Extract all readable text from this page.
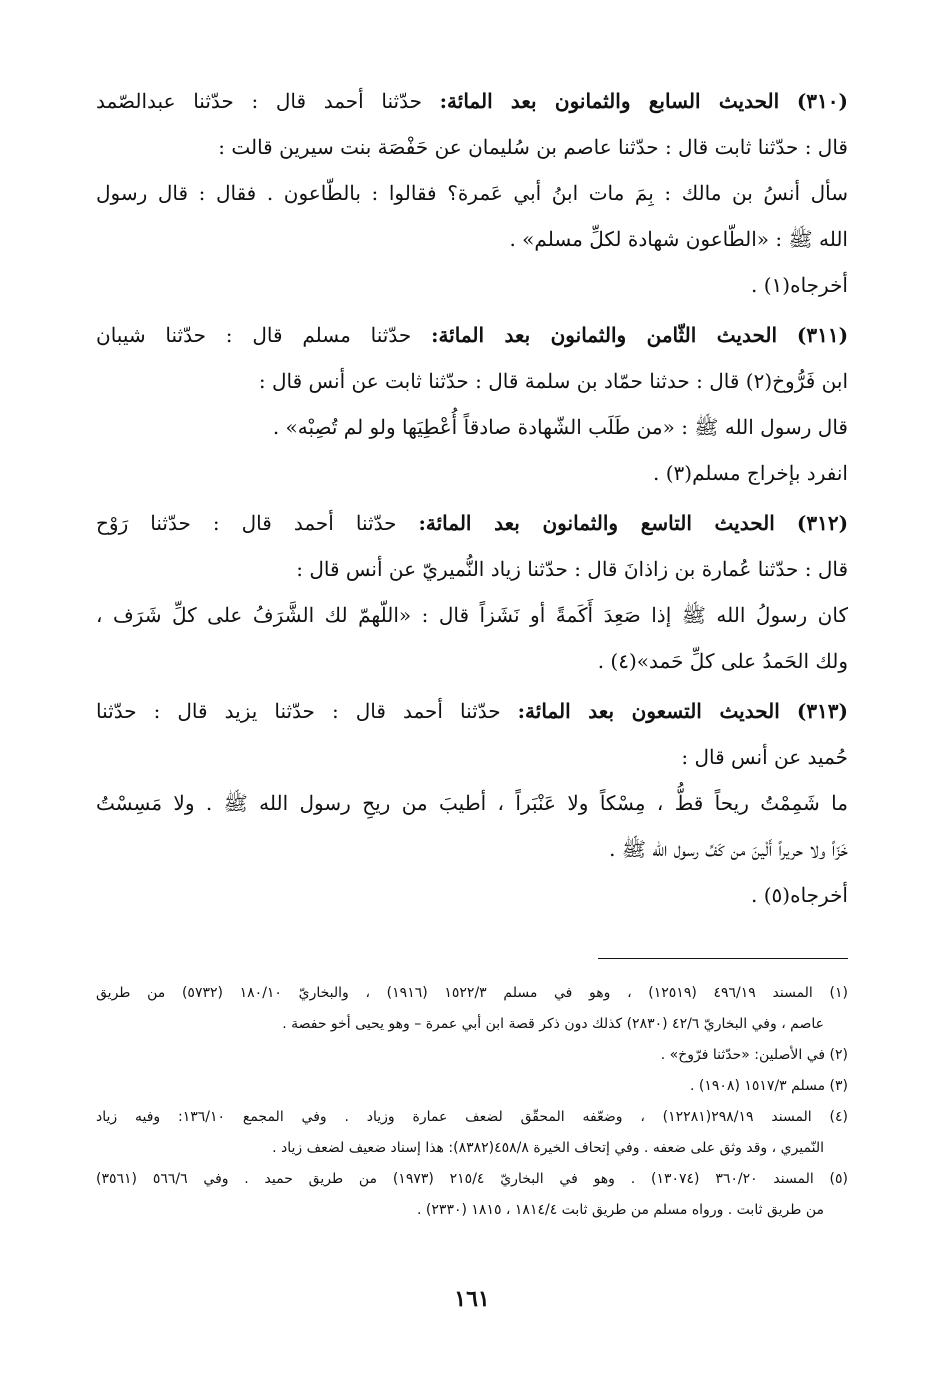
(٣١٠) الحديث السابع والثمانون بعد المائة: حدّثنا أحمد قال : حدّثنا عبدالصّمد
قال : حدّثنا ثابت قال : حدّثنا عاصم بن سُليمان عن حَفْصَة بنت سيرين قالت :
سأل أنسُ بن مالك : بِمَ مات ابنُ أبي عَمرة؟ فقالوا : بالطّاعون . فقال : قال رسول
الله ﷺ : «الطّاعون شهادة لكلِّ مسلم» .
أخرجاه(١) .
(٣١١) الحديث الثّامن والثمانون بعد المائة: حدّثنا مسلم قال : حدّثنا شيبان
ابن فَرُّوخ(٢) قال : حدثنا حمّاد بن سلمة قال : حدّثنا ثابت عن أنس قال :
قال رسول الله ﷺ : «من طَلَب الشّهادة صادقاً أُعْطِيَها ولو لم تُصِبْه» .
انفرد بإخراج مسلم(٣) .
(٣١٢) الحديث التاسع والثمانون بعد المائة: حدّثنا أحمد قال : حدّثنا رَوْح
قال : حدّثنا عُمارة بن زاذانَ قال : حدّثنا زياد النُّميريّ عن أنس قال :
كان رسولُ الله ﷺ إذا صَعِدَ أَكَمةً أو نَشَزاً قال : «اللّهمّ لك الشَّرَفُ على كلِّ شَرَف ،
ولك الحَمدُ على كلِّ حَمد»(٤) .
(٣١٣) الحديث التسعون بعد المائة: حدّثنا أحمد قال : حدّثنا يزيد قال : حدّثنا
حُميد عن أنس قال :
ما شَمِمْتُ ريحاً قطُّ ، مِسْكاً ولا عَنْبَراً ، أطيبَ من ريحِ رسول الله ﷺ . ولا مَسِسْتُ
خَزّاً ولا حريراً أَلْينَ من كَفِّ رسول الله ﷺ .
أخرجاه(٥) .
(١) المسند ٤٩٦/١٩ (١٢٥١٩) ، وهو في مسلم ١٥٢٢/٣ (١٩١٦) ، والبخاريّ ١٨٠/١٠ (٥٧٣٢) من طريق
عاصم ، وفي البخاريّ ٤٢/٦ (٢٨٣٠) كذلك دون ذكر قصة ابن أبي عمرة – وهو يحيى أخو حفصة .
(٢) في الأصلين: «حدّثنا فرّوخ» .
(٣) مسلم ١٥١٧/٣ (١٩٠٨) .
(٤) المسند ٢٩٨/١٩(١٢٢٨١) ، وضعّفه المحقّق لضعف عمارة وزياد . وفي المجمع ١٣٦/١٠: وفيه زياد
النّميري ، وقد وثق على ضعفه . وفي إتحاف الخيرة ٤٥٨/٨(٨٣٨٢): هذا إسناد ضعيف لضعف زياد .
(٥) المسند ٣٦٠/٢٠ (١٣٠٧٤) . وهو في البخاريّ ٢١٥/٤ (١٩٧٣) من طريق حميد . وفي ٥٦٦/٦ (٣٥٦١)
من طريق ثابت . ورواه مسلم من طريق ثابت ١٨١٤/٤ ، ١٨١٥ (٢٣٣٠) .
١٦١
